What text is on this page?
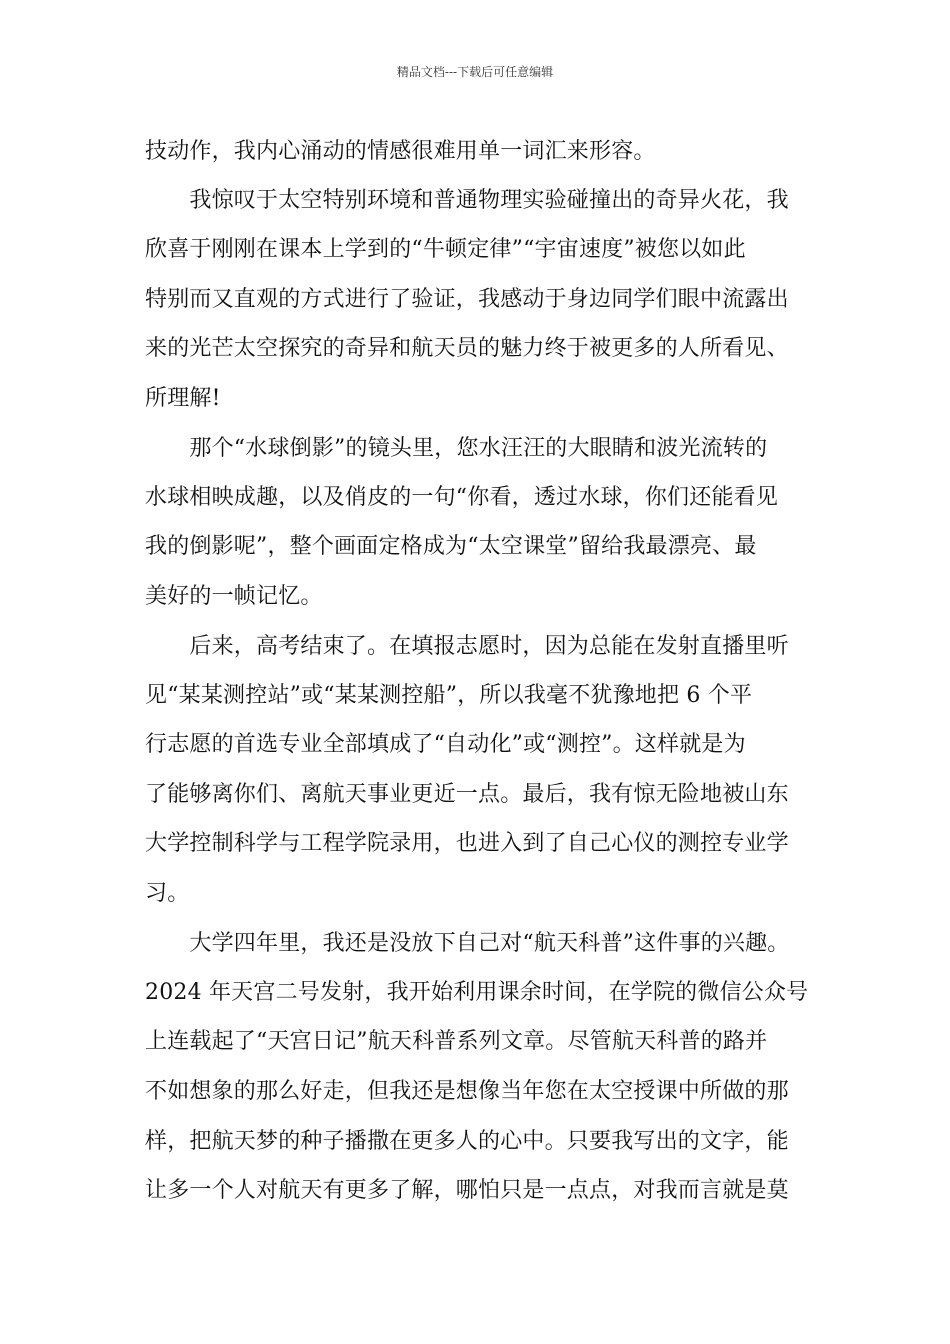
精品文档---下载后可任意编辑
技动作，我内心涌动的情感很难用单一词汇来形容。
　　我惊叹于太空特别环境和普通物理实验碰撞出的奇异火花，我
欣喜于刚刚在课本上学到的“牛顿定律”“宇宙速度”被您以如此
特别而又直观的方式进行了验证，我感动于身边同学们眼中流露出
来的光芒太空探究的奇异和航天员的魅力终于被更多的人所看见、
所理解!
　　那个“水球倒影”的镜头里，您水汪汪的大眼睛和波光流转的
水球相映成趣，以及俏皮的一句“你看，透过水球，你们还能看见
我的倒影呢”，整个画面定格成为“太空课堂”留给我最漂亮、最
美好的一帧记忆。
　　后来，高考结束了。在填报志愿时，因为总能在发射直播里听
见“某某测控站”或“某某测控船”，所以我毫不犹豫地把 6 个平
行志愿的首选专业全部填成了“自动化”或“测控”。这样就是为
了能够离你们、离航天事业更近一点。最后，我有惊无险地被山东
大学控制科学与工程学院录用，也进入到了自己心仪的测控专业学
习。
　　大学四年里，我还是没放下自己对“航天科普”这件事的兴趣。
2024 年天宫二号发射，我开始利用课余时间，在学院的微信公众号
上连载起了“天宫日记”航天科普系列文章。尽管航天科普的路并
不如想象的那么好走，但我还是想像当年您在太空授课中所做的那
样，把航天梦的种子播撒在更多人的心中。只要我写出的文字，能
让多一个人对航天有更多了解，哪怕只是一点点，对我而言就是莫
